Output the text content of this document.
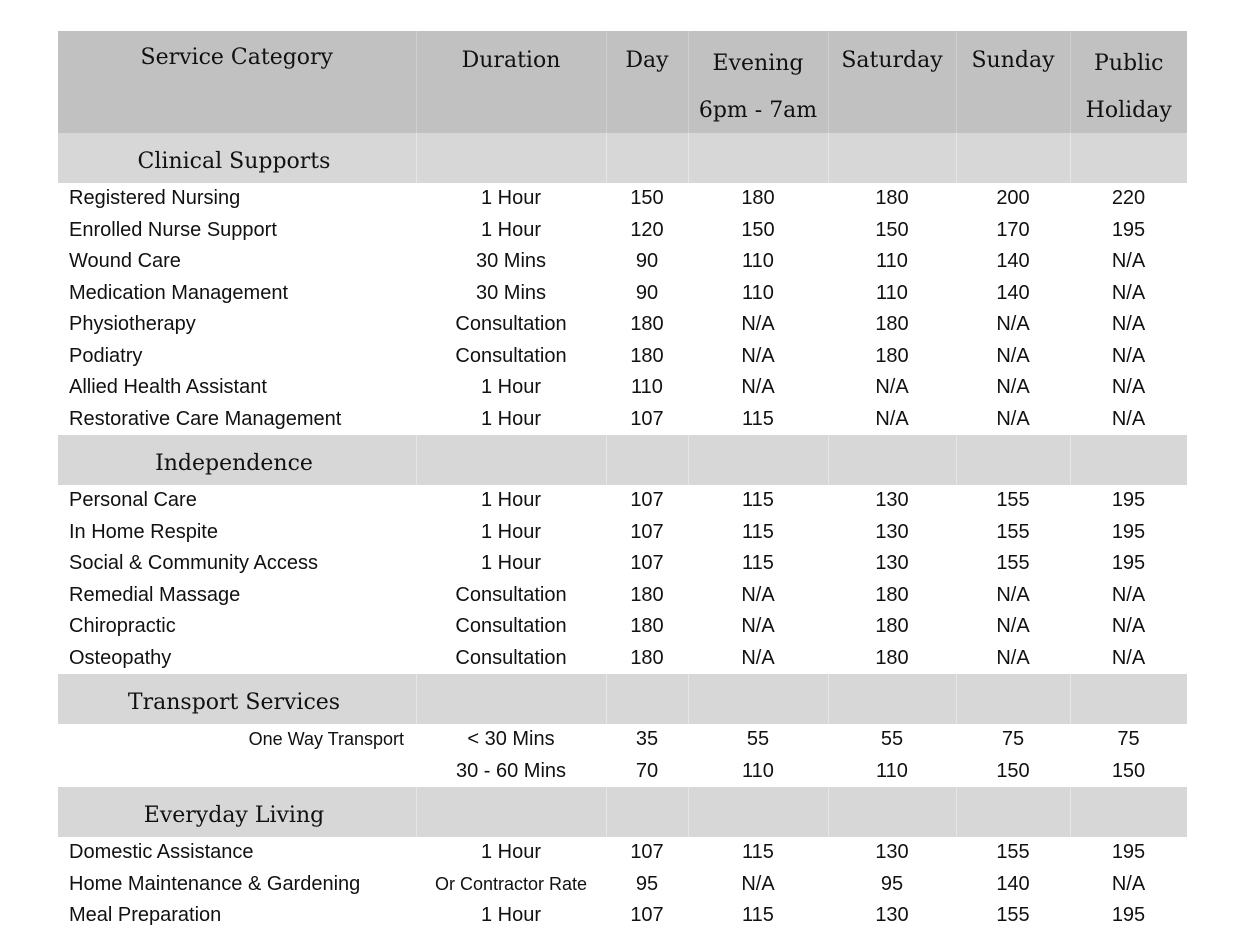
Service Category	Duration	Day	Evening	Saturday	Sunday	Public
			6pm - 7am			Holiday
Clinical Supports						
Registered Nursing	1 Hour	150	180	180	200	220
Enrolled Nurse Support	1 Hour	120	150	150	170	195
Wound Care	30 Mins	90	110	110	140	N/A
Medication Management	30 Mins	90	110	110	140	N/A
Physiotherapy	Consultation	180	N/A	180	N/A	N/A
Podiatry	Consultation	180	N/A	180	N/A	N/A
Allied Health Assistant	1 Hour	110	N/A	N/A	N/A	N/A
Restorative Care Management	1 Hour	107	115	N/A	N/A	N/A
Independence						
Personal Care	1 Hour	107	115	130	155	195
In Home Respite	1 Hour	107	115	130	155	195
Social & Community Access	1 Hour	107	115	130	155	195
Remedial Massage	Consultation	180	N/A	180	N/A	N/A
Chiropractic	Consultation	180	N/A	180	N/A	N/A
Osteopathy	Consultation	180	N/A	180	N/A	N/A
Transport Services						
One Way Transport	< 30 Mins	35	55	55	75	75
	30 - 60 Mins	70	110	110	150	150
Everyday Living						
Domestic Assistance	1 Hour	107	115	130	155	195
Home Maintenance & Gardening	Or Contractor Rate	95	N/A	95	140	N/A
Meal Preparation	1 Hour	107	115	130	155	195
